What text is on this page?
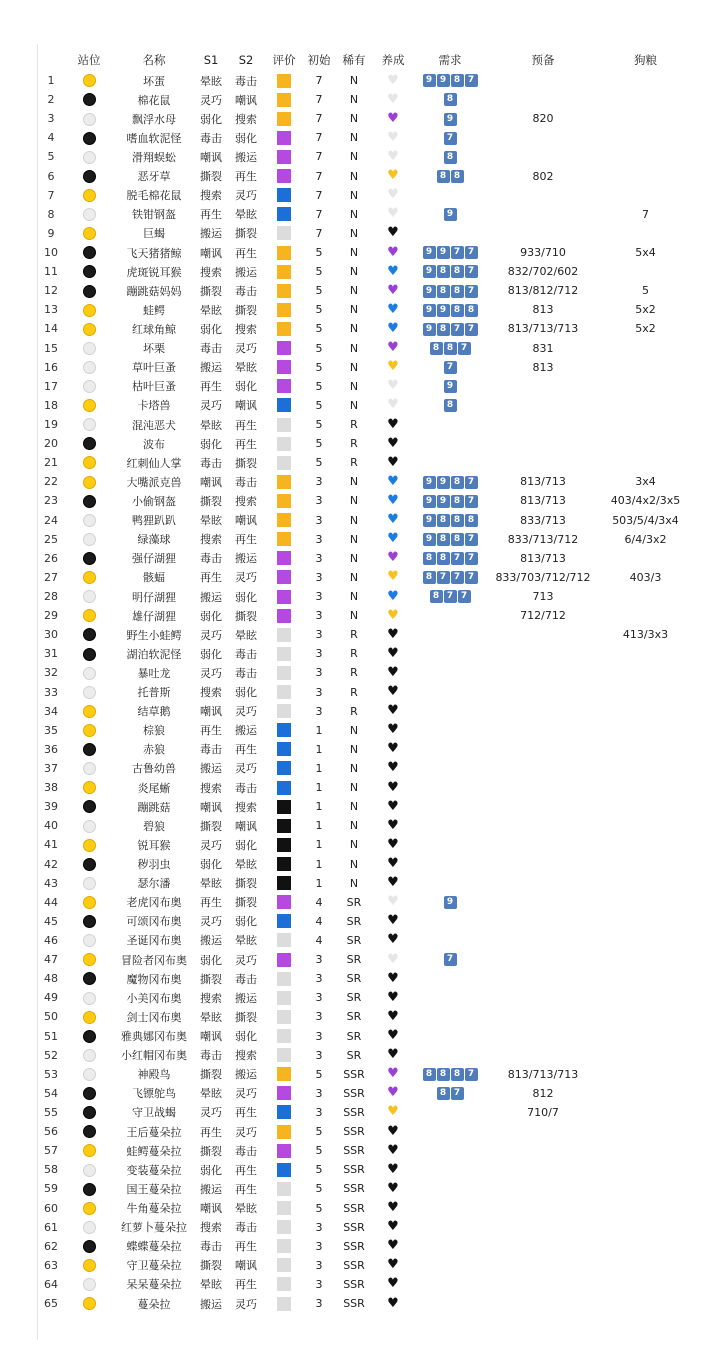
	站位	名称	S1	S2	评价	初始	稀有	养成	需求	预备	狗粮
1		坏蛋	晕眩	毒击		7	N	♥	9 9 8 7		

2		棉花鼠	灵巧	嘲讽		7	N	♥	8		

3		飘浮水母	弱化	搜索		7	N	♥	9	820	
4		嗜血软泥怪	毒击	弱化		7	N	♥	7		

5		滑翔蜈蚣	嘲讽	搬运		7	N	♥	8		

6		恶牙草	撕裂	再生		7	N	♥	8 8	802	
7		脱毛棉花鼠	搜索	灵巧		7	N	♥			
8		铁钳钢盔	再生	晕眩		7	N	♥	9		7
9		巨蝎	搬运	撕裂		7	N	♥			
10		飞天猪猪鲸	嘲讽	再生		5	N	♥	9 9 7 7	933/710	5x4
11		虎斑锐耳猴	搜索	搬运		5	N	♥	9 8 8 7	832/702/602	
12		蹦跳菇妈妈	撕裂	毒击		5	N	♥	9 8 8 7	813/812/712	5
13		蛙鳄	晕眩	撕裂		5	N	♥	9 9 8 8	813	5x2
14		红球角鲸	弱化	搜索		5	N	♥	9 8 7 7	813/713/713	5x2
15		坏栗	毒击	灵巧		5	N	♥	8 8 7	831	
16		草叶巨蚤	搬运	晕眩		5	N	♥	7	813	
17		枯叶巨蚤	再生	弱化		5	N	♥	9		

18		卡塔兽	灵巧	嘲讽		5	N	♥	8		

19		混沌恶犬	晕眩	再生		5	R	♥			
20		波布	弱化	再生		5	R	♥			
21		红刺仙人掌	毒击	撕裂		5	R	♥			
22		大嘴派克兽	嘲讽	毒击		3	N	♥	9 9 8 7	813/713	3x4
23		小偷钢盔	撕裂	搜索		3	N	♥	9 9 8 7	813/713	403/4x2/3x5
24		鸭狸趴趴	晕眩	嘲讽		3	N	♥	9 8 8 8	833/713	503/5/4/3x4
25		绿藻球	搜索	再生		3	N	♥	9 8 8 7	833/713/712	6/4/3x2
26		强仔湖狸	毒击	搬运		3	N	♥	8 8 7 7	813/713	
27		骸蝠	再生	灵巧		3	N	♥	8 7 7 7	833/703/712/712	403/3
28		明仔湖狸	搬运	弱化		3	N	♥	8 7 7	713	
29		雄仔湖狸	弱化	撕裂		3	N	♥		712/712	
30		野生小蛙鳄	灵巧	晕眩		3	R	♥			413/3x3
31		湖泊软泥怪	弱化	毒击		3	R	♥			
32		暴吐龙	灵巧	毒击		3	R	♥			
33		托普斯	搜索	弱化		3	R	♥			
34		结草鹅	嘲讽	灵巧		3	R	♥			
35		棕狼	再生	搬运		1	N	♥			
36		赤狼	毒击	再生		1	N	♥			
37		古鲁幼兽	搬运	灵巧		1	N	♥			
38		炎尾蜥	搜索	毒击		1	N	♥			
39		蹦跳菇	嘲讽	搜索		1	N	♥			
40		碧狼	撕裂	嘲讽		1	N	♥			
41		锐耳猴	灵巧	弱化		1	N	♥			
42		秽羽虫	弱化	晕眩		1	N	♥			
43		瑟尔潘	晕眩	撕裂		1	N	♥			
44		老虎冈布奥	再生	撕裂		4	SR	♥	9		

45		可颂冈布奥	灵巧	弱化		4	SR	♥			
46		圣诞冈布奥	搬运	晕眩		4	SR	♥			
47		冒险者冈布奥	弱化	灵巧		3	SR	♥	7		

48		魔物冈布奥	撕裂	毒击		3	SR	♥			
49		小美冈布奥	搜索	搬运		3	SR	♥			
50		剑士冈布奥	晕眩	撕裂		3	SR	♥			
51		雅典娜冈布奥	嘲讽	弱化		3	SR	♥			
52		小红帽冈布奥	毒击	搜索		3	SR	♥			
53		神殿鸟	撕裂	搬运		5	SSR	♥	8 8 8 7	813/713/713	
54		飞镖鸵鸟	晕眩	灵巧		3	SSR	♥	8 7	812	
55		守卫战蝎	灵巧	再生		3	SSR	♥		710/7	
56		王后蔓朵拉	再生	灵巧		5	SSR	♥			
57		蛙鳄蔓朵拉	撕裂	毒击		5	SSR	♥			
58		变装蔓朵拉	弱化	再生		5	SSR	♥			
59		国王蔓朵拉	搬运	再生		5	SSR	♥			
60		牛角蔓朵拉	嘲讽	晕眩		5	SSR	♥			
61		红萝卜蔓朵拉	搜索	毒击		3	SSR	♥			
62		蝶蝶蔓朵拉	毒击	再生		3	SSR	♥			
63		守卫蔓朵拉	撕裂	嘲讽		3	SSR	♥			
64		呆呆蔓朵拉	晕眩	再生		3	SSR	♥			
65		蔓朵拉	搬运	灵巧		3	SSR	♥			
